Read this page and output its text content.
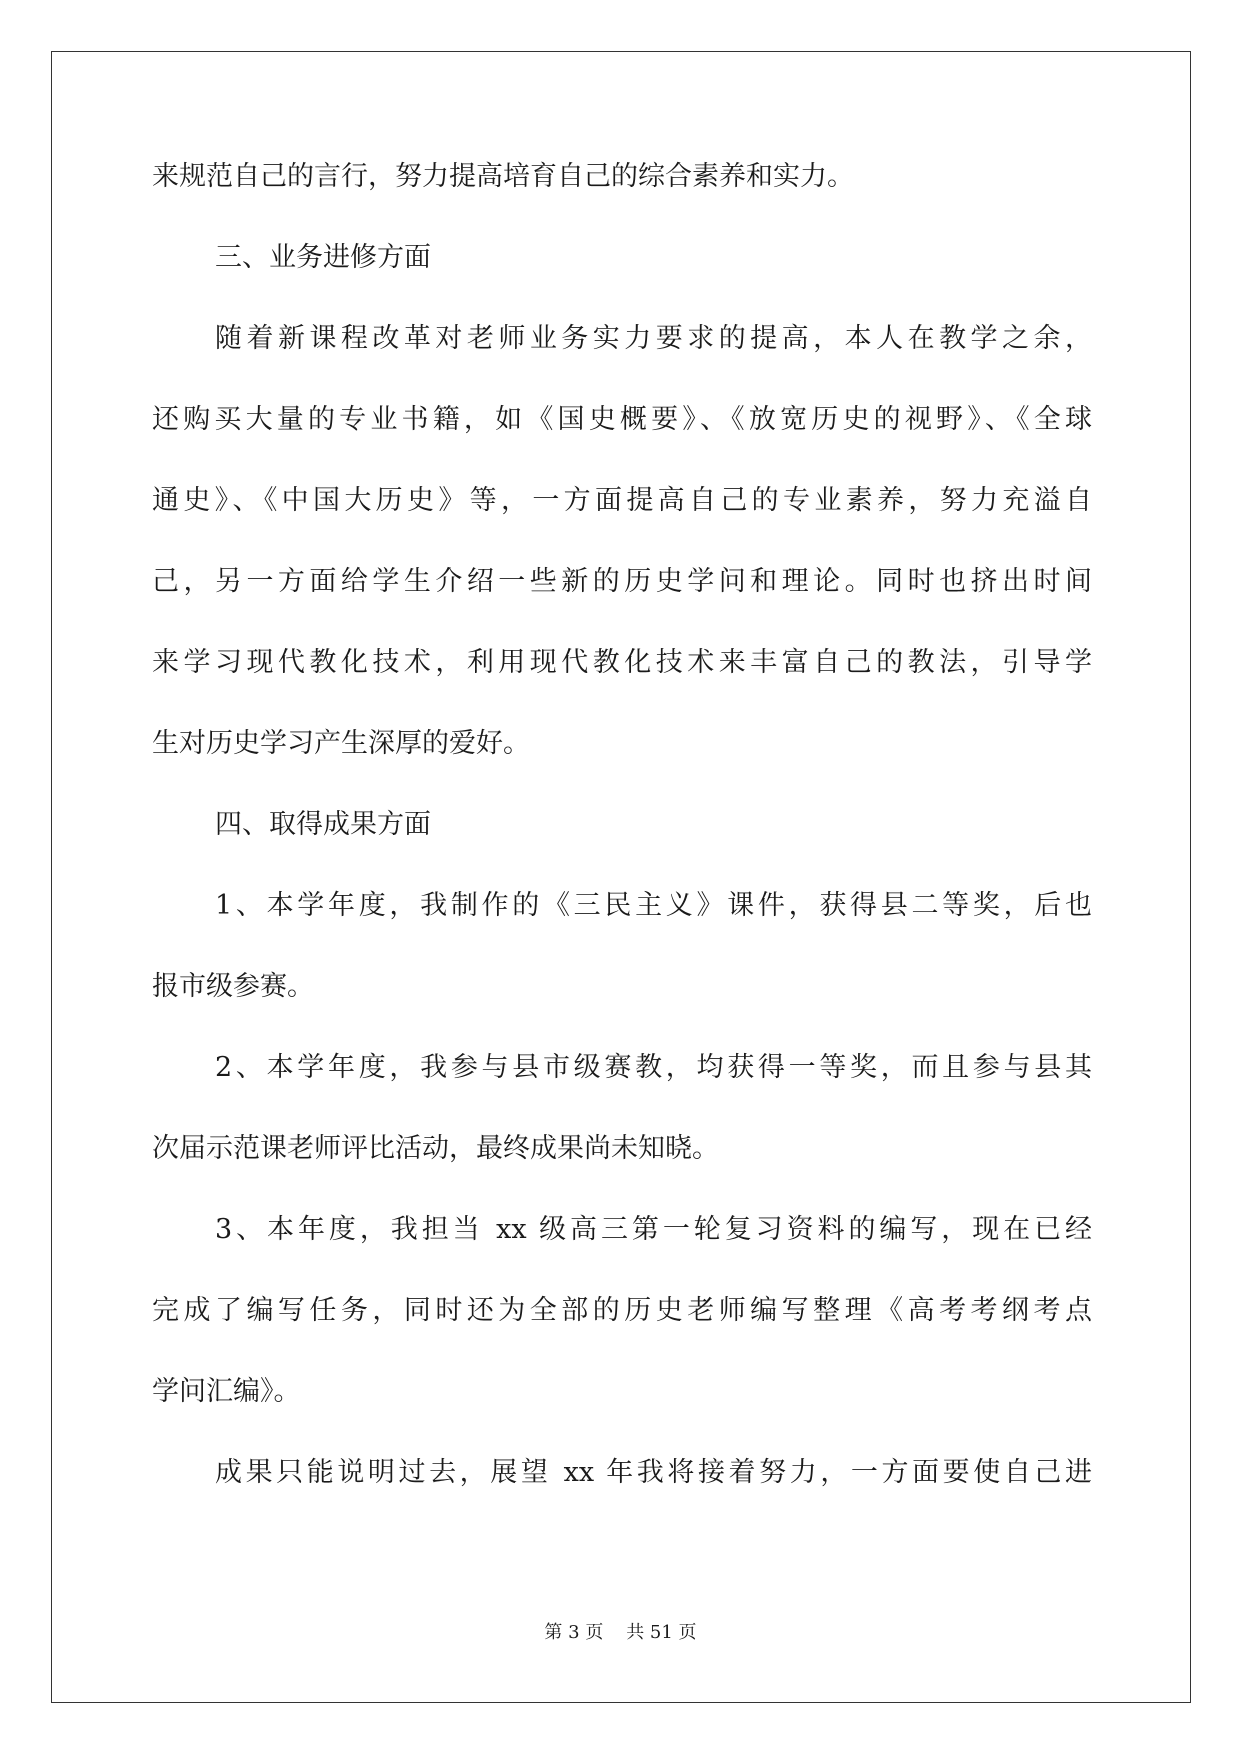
来规范自己的言行，努力提高培育自己的综合素养和实力。
三、业务进修方面
随着新课程改革对老师业务实力要求的提高，本人在教学之余，
还购买大量的专业书籍，如《国史概要》、《放宽历史的视野》、《全球
通史》、《中国大历史》等，一方面提高自己的专业素养，努力充溢自
己，另一方面给学生介绍一些新的历史学问和理论。同时也挤出时间
来学习现代教化技术，利用现代教化技术来丰富自己的教法，引导学
生对历史学习产生深厚的爱好。
四、取得成果方面
1、本学年度，我制作的《三民主义》课件，获得县二等奖，后也
报市级参赛。
2、本学年度，我参与县市级赛教，均获得一等奖，而且参与县其
次届示范课老师评比活动，最终成果尚未知晓。
3、本年度，我担当 xx 级高三第一轮复习资料的编写，现在已经
完成了编写任务，同时还为全部的历史老师编写整理《高考考纲考点
学问汇编》。
成果只能说明过去，展望 xx 年我将接着努力，一方面要使自己进
第 3 页    共 51 页
